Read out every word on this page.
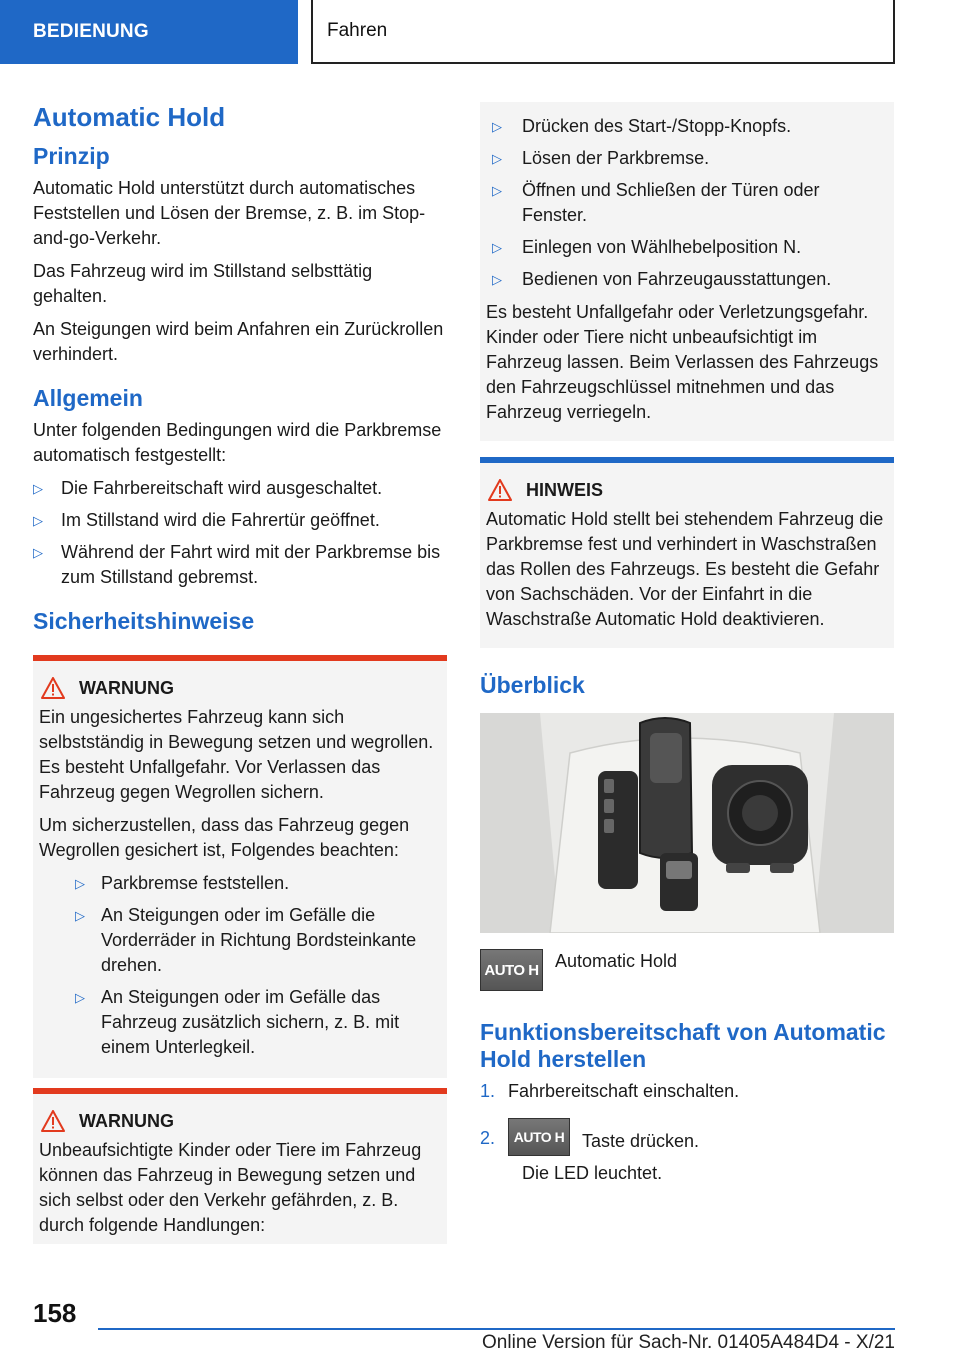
BEDIENUNG	Fahren
Automatic Hold
Prinzip

Automatic Hold unterstützt durch automatisches Feststellen und Lösen der Bremse, z. B. im Stop-and-go-Verkehr.

Das Fahrzeug wird im Stillstand selbsttätig gehalten.

An Steigungen wird beim Anfahren ein Zurückrollen verhindert.

Allgemein

Unter folgenden Bedingungen wird die Parkbremse automatisch festgestellt:

▷	Die Fahrbereitschaft wird ausgeschaltet.
▷	Im Stillstand wird die Fahrertür geöffnet.
▷	Während der Fahrt wird mit der Parkbremse bis zum Stillstand gebremst.
Sicherheitshinweise
WARNUNG

Ein ungesichertes Fahrzeug kann sich selbstständig in Bewegung setzen und wegrollen. Es besteht Unfallgefahr. Vor Verlassen das Fahrzeug gegen Wegrollen sichern.

Um sicherzustellen, dass das Fahrzeug gegen Wegrollen gesichert ist, Folgendes beachten:

▷ Parkbremse feststellen.
▷ An Steigungen oder im Gefälle die Vorderräder in Richtung Bordsteinkante drehen.
▷ An Steigungen oder im Gefälle das Fahrzeug zusätzlich sichern, z. B. mit einem Unterlegkeil.
WARNUNG

Unbeaufsichtigte Kinder oder Tiere im Fahrzeug können das Fahrzeug in Bewegung setzen und sich selbst oder den Verkehr gefährden, z. B. durch folgende Handlungen:

▷	Drücken des Start-/Stopp-Knopfs.
▷	Lösen der Parkbremse.
▷	Öffnen und Schließen der Türen oder Fenster.
▷	Einlegen von Wählhebelposition N.
▷	Bedienen von Fahrzeugausstattungen.

Es besteht Unfallgefahr oder Verletzungsgefahr. Kinder oder Tiere nicht unbeaufsichtigt im Fahrzeug lassen. Beim Verlassen des Fahrzeugs den Fahrzeugschlüssel mitnehmen und das Fahrzeug verriegeln.

HINWEIS

Automatic Hold stellt bei stehendem Fahrzeug die Parkbremse fest und verhindert in Waschstraßen das Rollen des Fahrzeugs. Es besteht die Gefahr von Sachschäden. Vor der Einfahrt in die Waschstraße Automatic Hold deaktivieren.

Überblick
AUTO H Automatic Hold
Funktionsbereitschaft von Automatic Hold herstellen
1. Fahrbereitschaft einschalten.
2.	AUTO H Taste drücken.
Die LED leuchtet.
158
Online Version für Sach-Nr. 01405A484D4 - X/21
